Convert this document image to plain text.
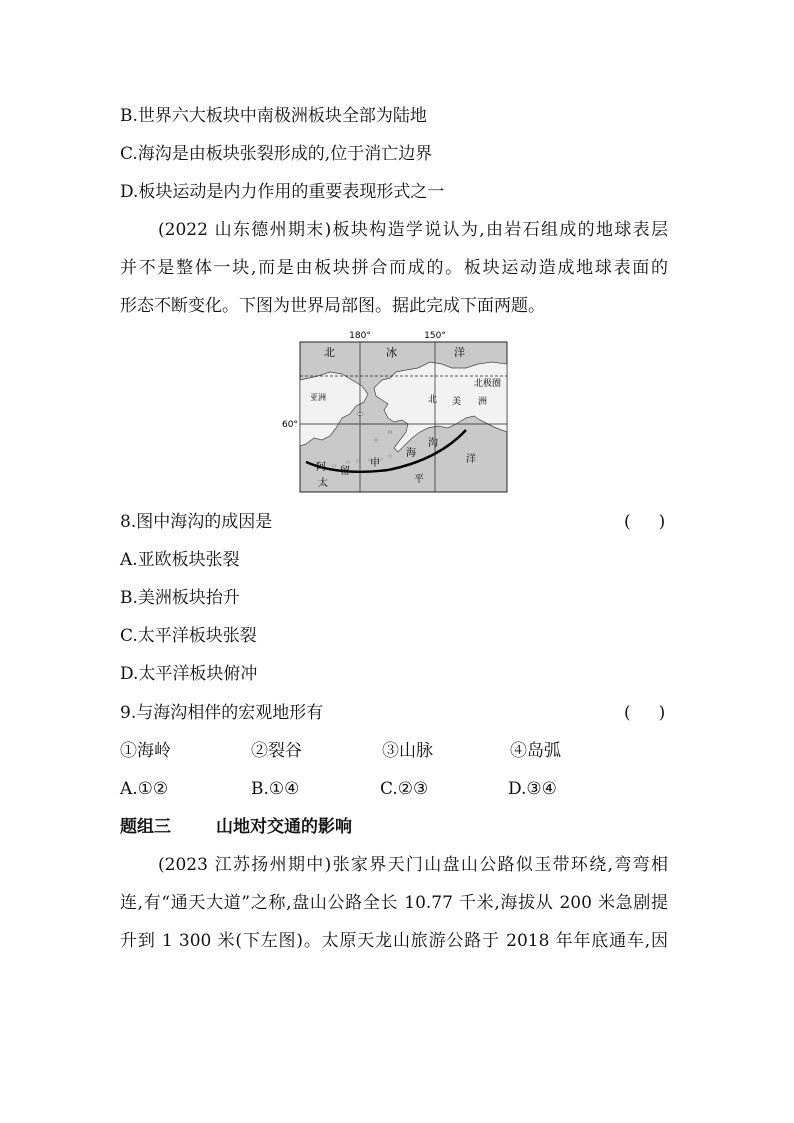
B.世界六大板块中南极洲板块全部为陆地
C.海沟是由板块张裂形成的,位于消亡边界
D.板块运动是内力作用的重要表现形式之一
(2022 山东德州期末)板块构造学说认为,由岩石组成的地球表层
并不是整体一块,而是由板块拼合而成的。板块运动造成地球表面的
形态不断变化。下图为世界局部图。据此完成下面两题。
180°	150°
60°
北	冰	洋
北极圈
亚洲	北 美 洲
阿 留
申
海
沟
太	平
洋
8.图中海沟的成因是	()
A.亚欧板块张裂
B.美洲板块抬升
C.太平洋板块张裂
D.太平洋板块俯冲
9.与海沟相伴的宏观地形有	()
①海岭	②裂谷	③山脉	④岛弧
A.①②	B.①④	C.②③	D.③④
题组三	山地对交通的影响
(2023 江苏扬州期中)张家界天门山盘山公路似玉带环绕,弯弯相
连,有“通天大道”之称,盘山公路全长 10.77 千米,海拔从 200 米急剧提
升到 1 300 米(下左图)。太原天龙山旅游公路于 2018 年年底通车,因
